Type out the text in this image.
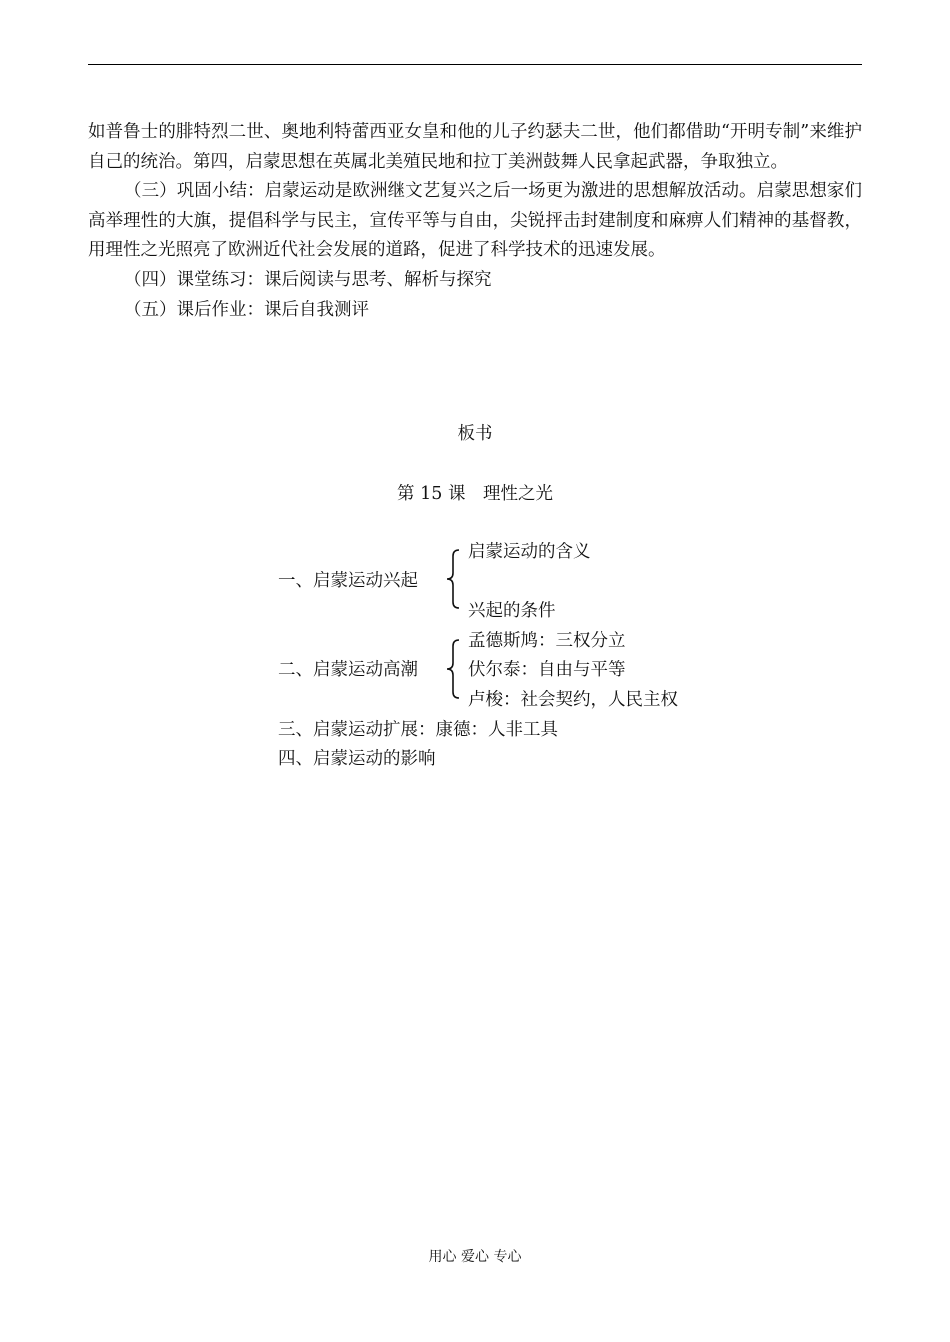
如普鲁士的腓特烈二世、奥地利特蕾西亚女皇和他的儿子约瑟夫二世，他们都借助“开明专制”来维护自己的统治。第四，启蒙思想在英属北美殖民地和拉丁美洲鼓舞人民拿起武器，争取独立。

（三）巩固小结：启蒙运动是欧洲继文艺复兴之后一场更为激进的思想解放活动。启蒙思想家们高举理性的大旗，提倡科学与民主，宣传平等与自由，尖锐抨击封建制度和麻痹人们精神的基督教，用理性之光照亮了欧洲近代社会发展的道路，促进了科学技术的迅速发展。

（四）课堂练习：课后阅读与思考、解析与探究

（五）课后作业：课后自我测评

板书
第 15 课　理性之光
一、启蒙运动兴起
启蒙运动的含义
兴起的条件
二、启蒙运动高潮
孟德斯鸠：三权分立
伏尔泰：自由与平等
卢梭：社会契约，人民主权
三、启蒙运动扩展：康德：人非工具
四、启蒙运动的影响
用心 爱心 专心
